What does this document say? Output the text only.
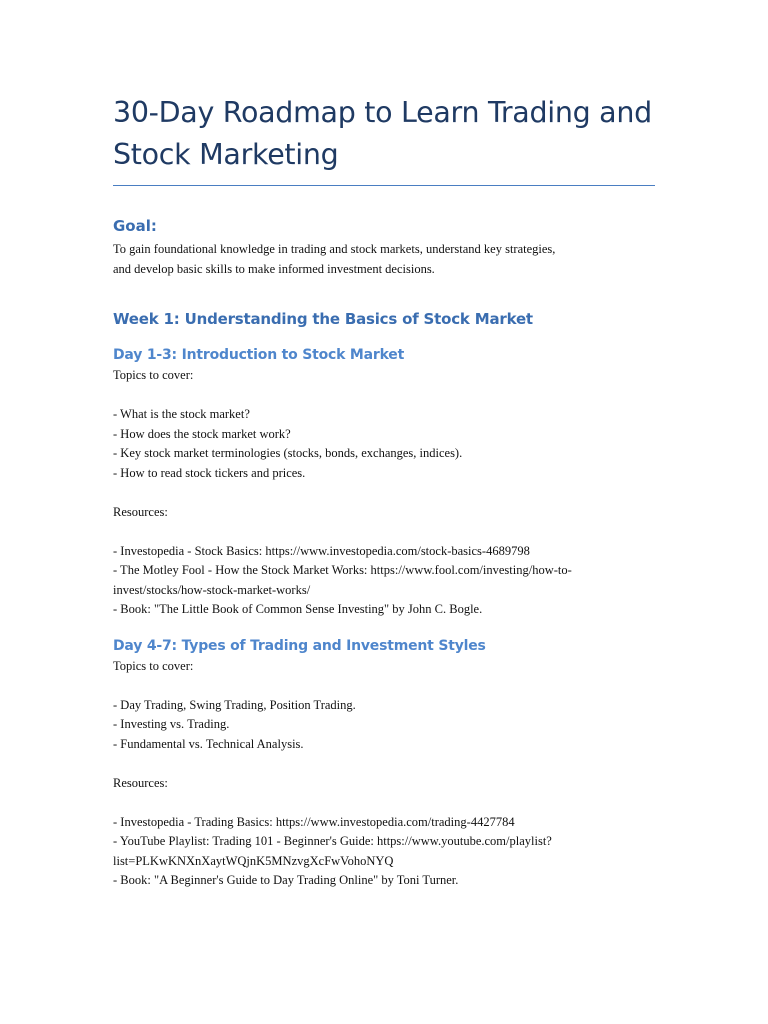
30-Day Roadmap to Learn Trading and
Stock Marketing
Goal:

To gain foundational knowledge in trading and stock markets, understand key strategies,

and develop basic skills to make informed investment decisions.

Week 1: Understanding the Basics of Stock Market
Day 1-3: Introduction to Stock Market

Topics to cover:

- What is the stock market?

- How does the stock market work?

- Key stock market terminologies (stocks, bonds, exchanges, indices).

- How to read stock tickers and prices.

Resources:

- Investopedia - Stock Basics: https://www.investopedia.com/stock-basics-4689798

- The Motley Fool - How the Stock Market Works: https://www.fool.com/investing/how-to-

invest/stocks/how-stock-market-works/

- Book: "The Little Book of Common Sense Investing" by John C. Bogle.

Day 4-7: Types of Trading and Investment Styles

Topics to cover:

- Day Trading, Swing Trading, Position Trading.

- Investing vs. Trading.

- Fundamental vs. Technical Analysis.

Resources:

- Investopedia - Trading Basics: https://www.investopedia.com/trading-4427784

- YouTube Playlist: Trading 101 - Beginner's Guide: https://www.youtube.com/playlist?

list=PLKwKNXnXaytWQjnK5MNzvgXcFwVohoNYQ

- Book: "A Beginner's Guide to Day Trading Online" by Toni Turner.
